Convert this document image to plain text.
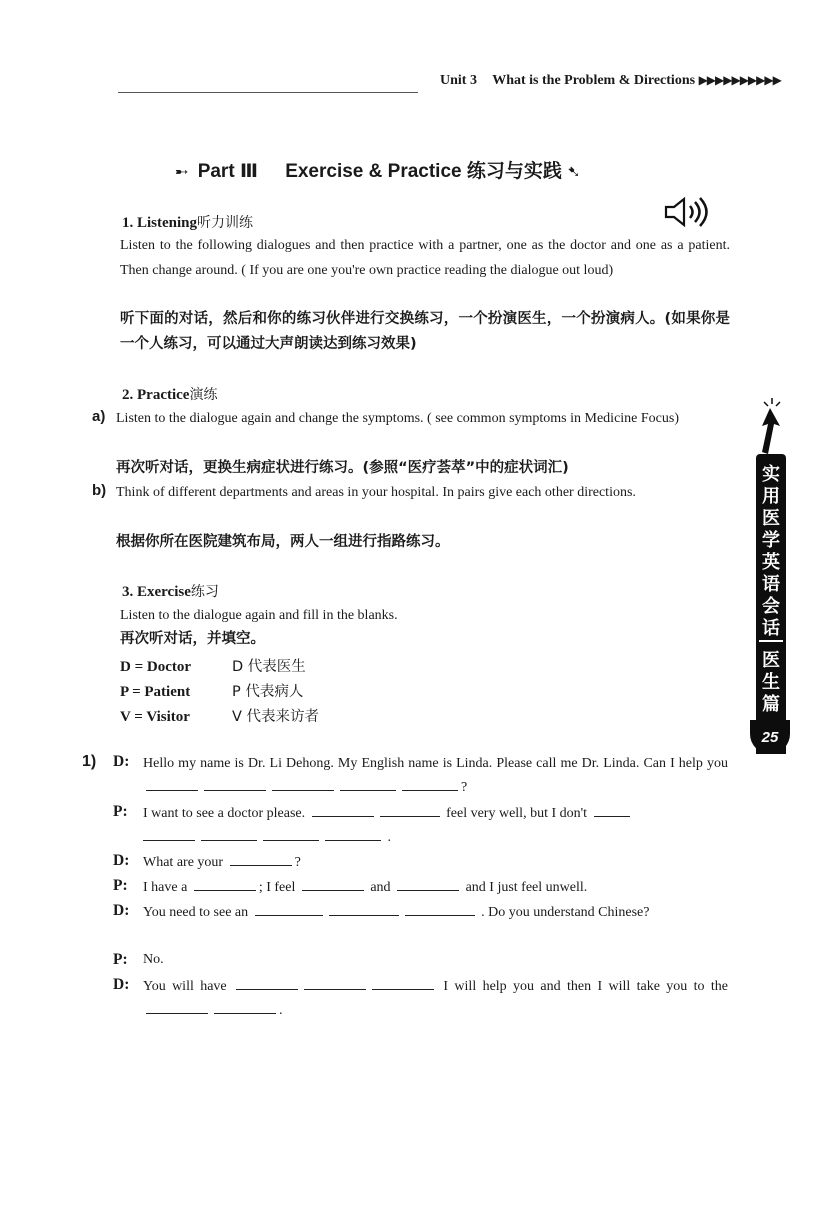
Unit 3 What is the Problem & Directions ▶▶▶▶▶▶▶▶▶▶
➸ Part Ⅲ Exercise & Practice 练习与实践 ➷
1. Listening听力训练

Listen to the following dialogues and then practice with a partner, one as the doctor and one as a patient. Then change around. ( If you are one you're own practice reading the dialogue out loud)

听下面的对话，然后和你的练习伙伴进行交换练习，一个扮演医生，一个扮演病人。(如果你是一个人练习，可以通过大声朗读达到练习效果)

2. Practice演练
a) Listen to the dialogue again and change the symptoms. ( see common symptoms in Medicine Focus)

再次听对话，更换生病症状进行练习。(参照“医疗荟萃”中的症状词汇)

b) Think of different departments and areas in your hospital. In pairs give each other directions.

根据你所在医院建筑布局，两人一组进行指路练习。

3. Exercise练习

Listen to the dialogue again and fill in the blanks.

再次听对话，并填空。

D = Doctor	D 代表医生
P = Patient	P 代表病人
V = Visitor	V 代表来访者
1) D: Hello my name is Dr. Li Dehong. My English name is Linda. Please call me Dr. Linda. Can I help you ?
P: I want to see a doctor please.	feel very well, but I don't
.
D: What are your	?
P: I have a	; I feel	and	and I just feel unwell.
D: You need to see an	. Do you understand Chinese?
P: No.
D: You will have	I will help you and then I will take you to the .
实用医学英语会话
医生篇
25
